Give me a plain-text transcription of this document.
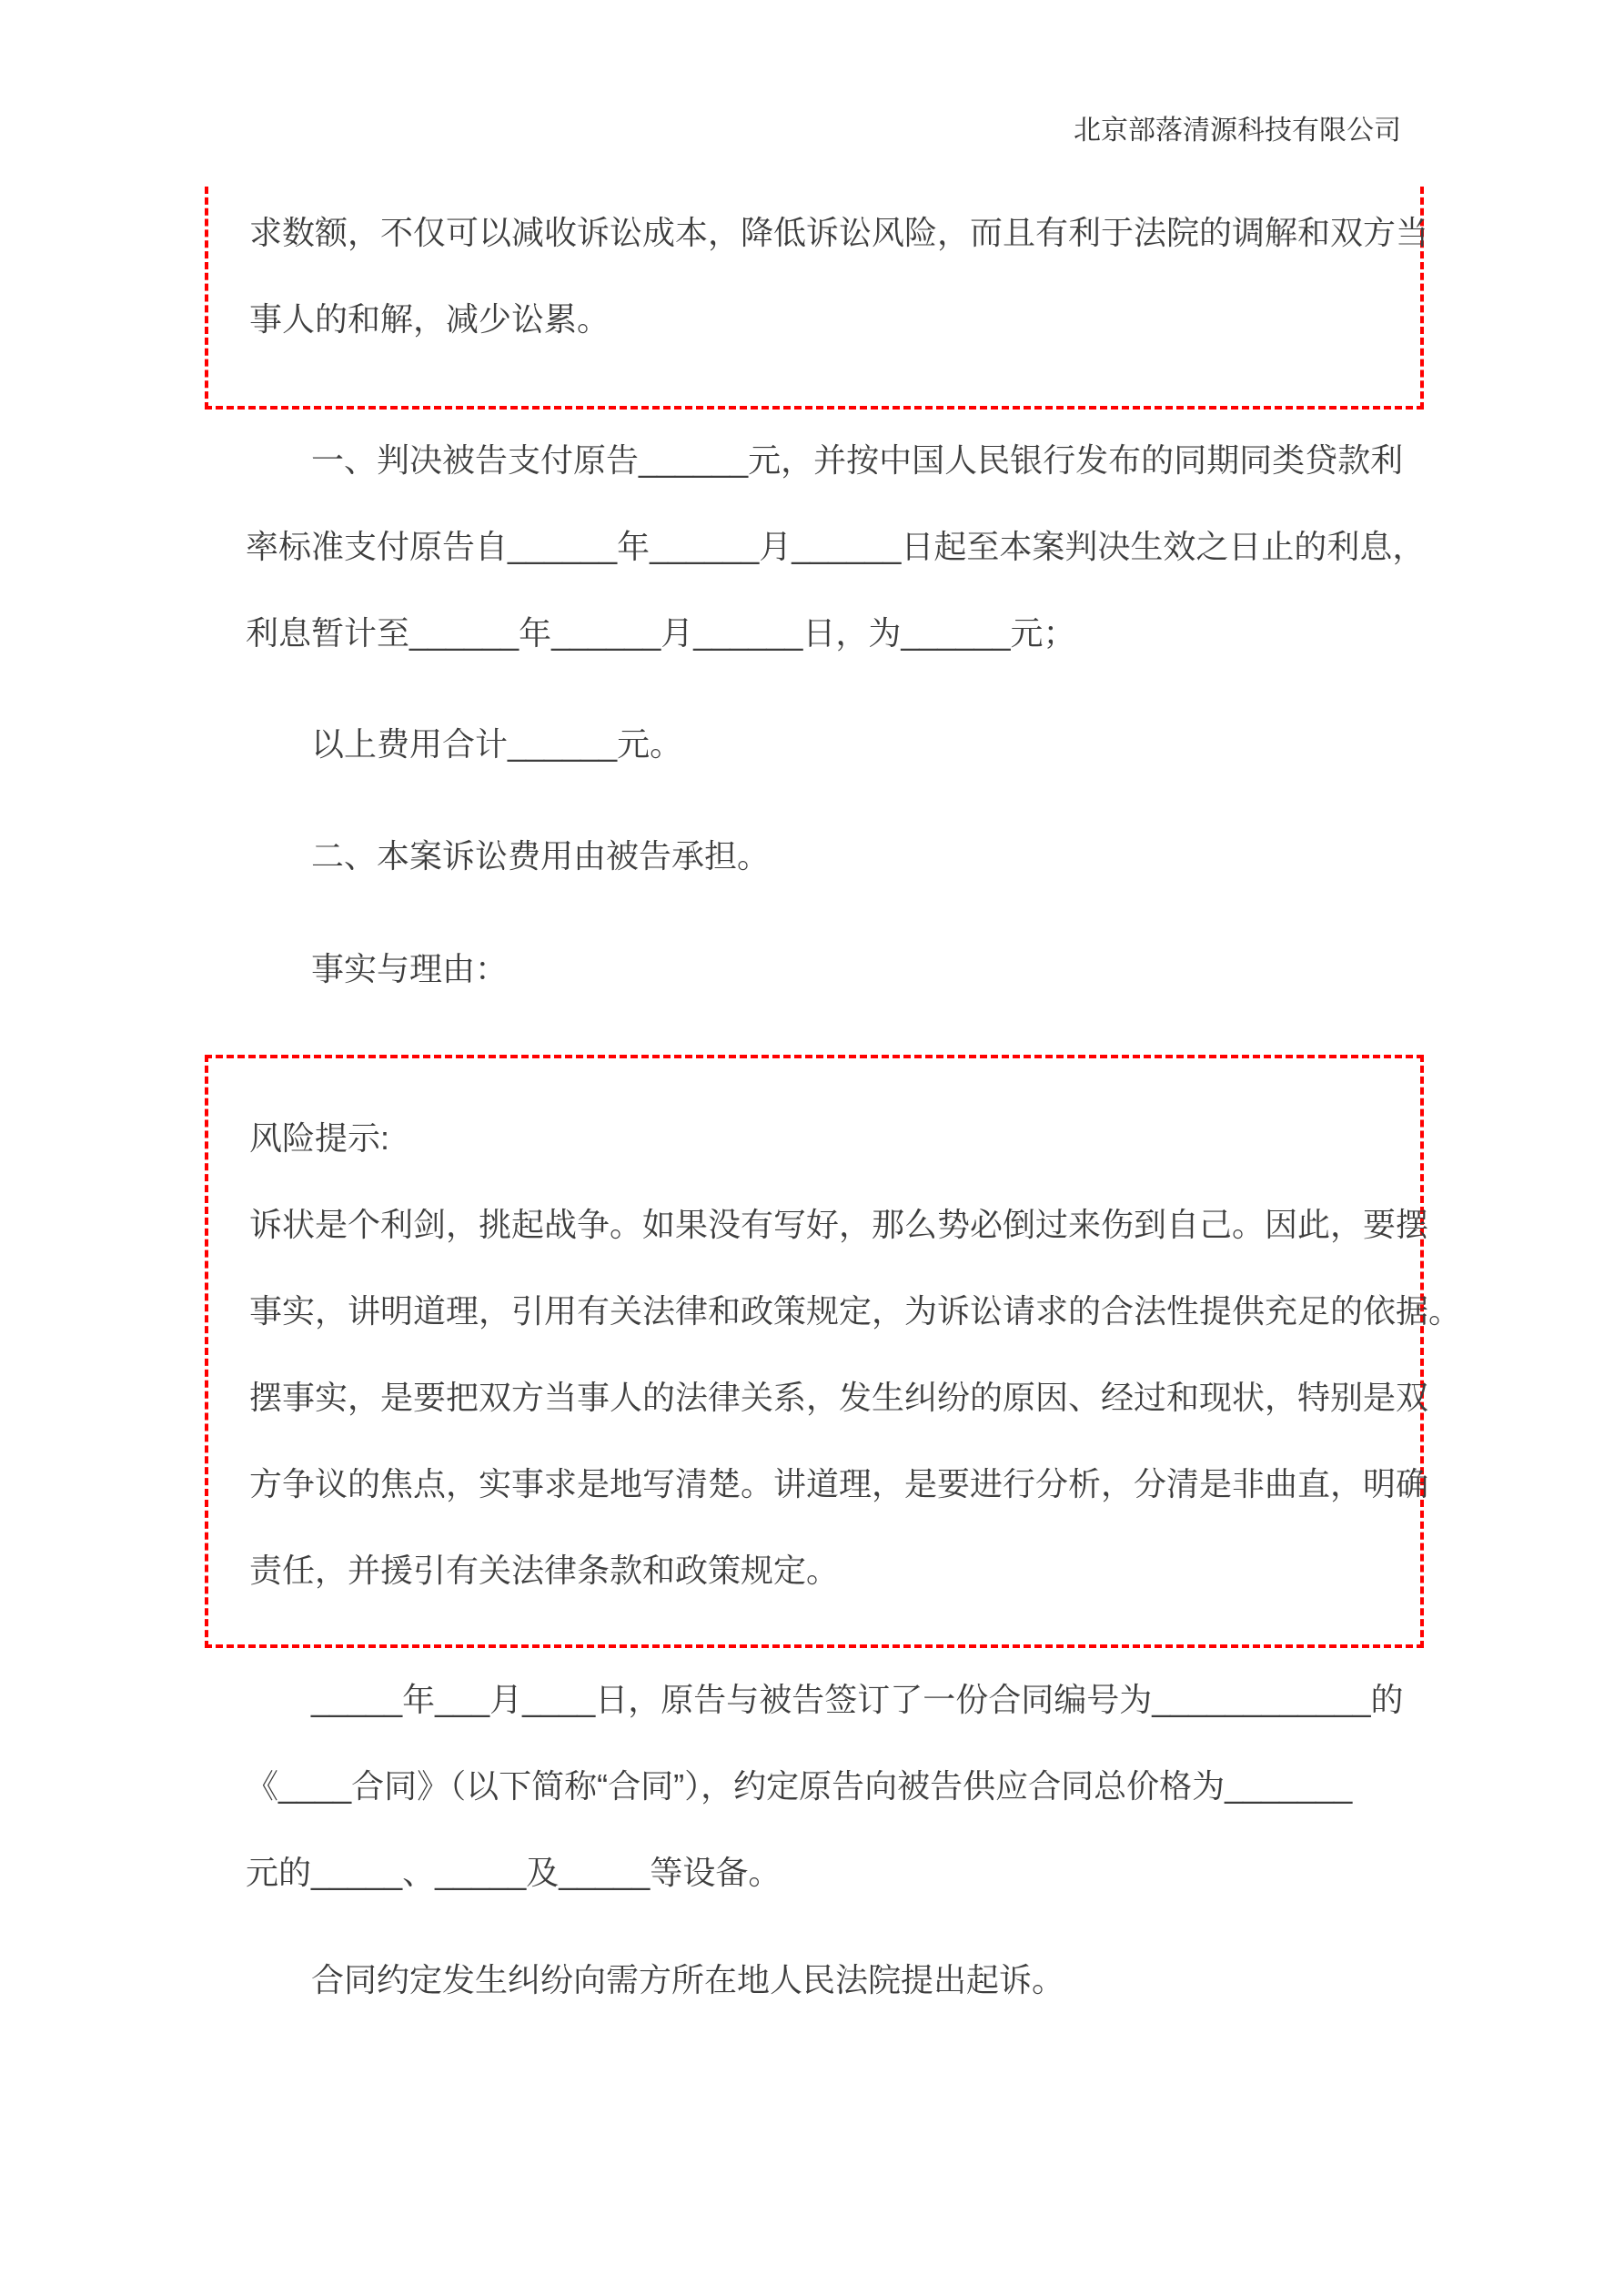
北京部落清源科技有限公司
求数额，不仅可以减收诉讼成本，降低诉讼风险，而且有利于法院的调解和双方当
事人的和解，减少讼累。
一、判决被告支付原告______元，并按中国人民银行发布的同期同类贷款利
率标准支付原告自______年______月______日起至本案判决生效之日止的利息，
利息暂计至______年______月______日，为______元；
以上费用合计______元。
二、本案诉讼费用由被告承担。
事实与理由：
风险提示:
诉状是个利剑，挑起战争。如果没有写好，那么势必倒过来伤到自己。因此，要摆
事实，讲明道理，引用有关法律和政策规定，为诉讼请求的合法性提供充足的依据。
摆事实，是要把双方当事人的法律关系，发生纠纷的原因、经过和现状，特别是双
方争议的焦点，实事求是地写清楚。讲道理，是要进行分析，分清是非曲直，明确
责任，并援引有关法律条款和政策规定。
_____年___月____日，原告与被告签订了一份合同编号为____________的
《____合同》（以下简称“合同”），约定原告向被告供应合同总价格为_______
元的_____、_____及_____等设备。
合同约定发生纠纷向需方所在地人民法院提出起诉。
